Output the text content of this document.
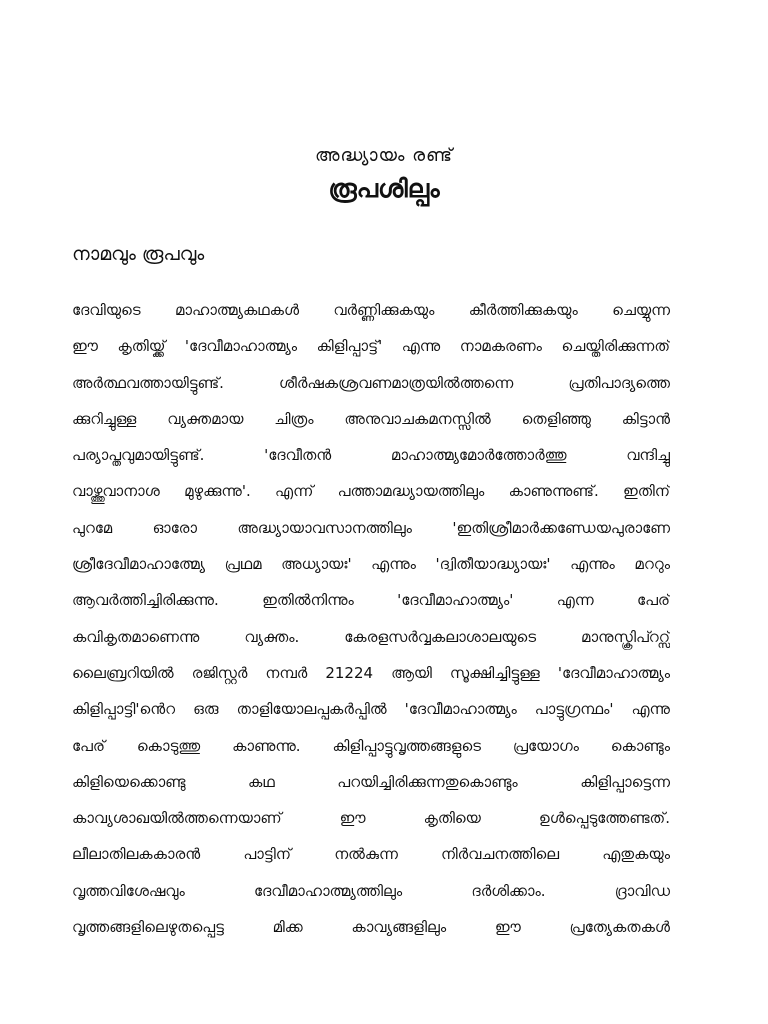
അദ്ധ്യായം രണ്ട്
രൂപശില്പം
നാമവും രൂപവും
ദേവിയുടെ മാഹാത്മ്യകഥകൾ വർണ്ണിക്കുകയും കീർത്തിക്കുകയും ചെയ്യുന്ന
ഈ കൃതിയ്ക്ക് 'ദേവീമാഹാത്മ്യം കിളിപ്പാട്ട്' എന്നു നാമകരണം ചെയ്തിരിക്കുന്നത്
അർത്ഥവത്തായിട്ടുണ്ട്. ശീർഷകശ്രവണമാത്രയിൽത്തന്നെ പ്രതിപാദ്യത്തെ
ക്കുറിച്ചുള്ള വ്യക്തമായ ചിത്രം അനുവാചകമനസ്സിൽ തെളിഞ്ഞു കിട്ടാൻ
പര്യാപ്തവുമായിട്ടുണ്ട്. 'ദേവീതൻ മാഹാത്മ്യമോർത്തോർത്തു വന്ദിച്ചു
വാഴ്ത്തുവാനാശ മുഴുക്കുന്നു'. എന്ന് പത്താമദ്ധ്യായത്തിലും കാണുന്നുണ്ട്. ഇതിന്
പുറമേ ഓരോ അദ്ധ്യായാവസാനത്തിലും 'ഇതിശ്രീമാർക്കണ്ഡേയപുരാണേ
ശ്രീദേവീമാഹാത്മ്യേ പ്രഥമ അധ്യായഃ' എന്നും 'ദ്വിതീയാദ്ധ്യായഃ' എന്നും മററും
ആവർത്തിച്ചിരിക്കുന്നു. ഇതിൽനിന്നും 'ദേവീമാഹാത്മ്യം' എന്ന പേര്
കവികൃതമാണെന്നു വ്യക്തം. കേരളസർവ്വകലാശാലയുടെ മാനുസ്ക്രിപ്ററ്സ്
ലൈബ്രറിയിൽ രജിസ്റ്റർ നമ്പർ 21224 ആയി സൂക്ഷിച്ചിട്ടുള്ള 'ദേവീമാഹാത്മ്യം
കിളിപ്പാട്ടി'ൻെറ ഒരു താളിയോലപ്പകർപ്പിൽ 'ദേവീമാഹാത്മ്യം പാട്ടുഗ്രന്ഥം' എന്നു
പേര് കൊടുത്തു കാണുന്നു. കിളിപ്പാട്ടുവൃത്തങ്ങളുടെ പ്രയോഗം കൊണ്ടും
കിളിയെക്കൊണ്ടു കഥ പറയിച്ചിരിക്കുന്നതുകൊണ്ടും കിളിപ്പാട്ടെന്ന
കാവ്യശാഖയിൽത്തന്നെയാണ് ഈ കൃതിയെ ഉൾപ്പെടുത്തേണ്ടത്.
ലീലാതിലകകാരൻ പാട്ടിന് നൽകുന്ന നിർവചനത്തിലെ എതുകയും
വൃത്തവിശേഷവും ദേവീമാഹാത്മ്യത്തിലും ദർശിക്കാം. ദ്രാവിഡ
വൃത്തങ്ങളിലെഴുതപ്പെട്ട മിക്ക കാവ്യങ്ങളിലും ഈ പ്രത്യേകതകൾ
